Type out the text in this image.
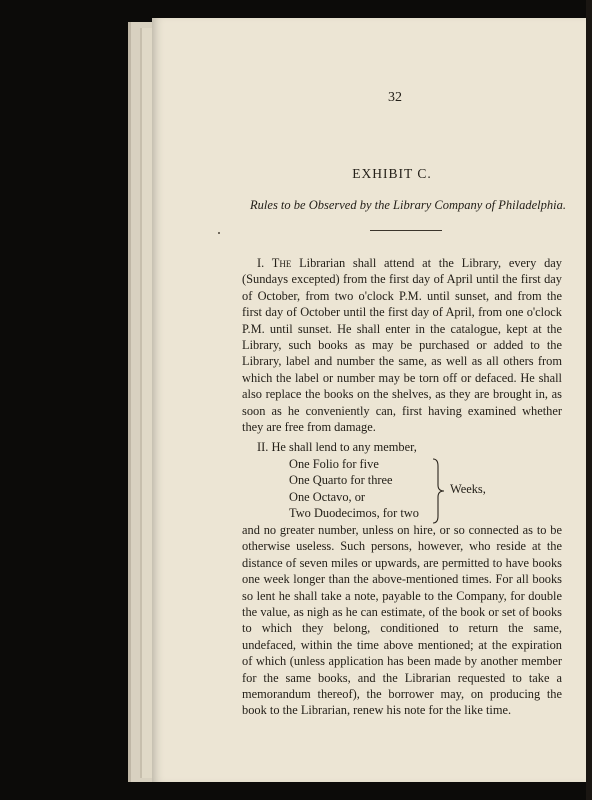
32
EXHIBIT C.
Rules to be Observed by the Library Company of Philadelphia.
I. The Librarian shall attend at the Library, every day (Sundays excepted) from the first day of April until the first day of October, from two o'clock P.M. until sunset, and from the first day of October until the first day of April, from one o'clock P.M. until sunset. He shall enter in the catalogue, kept at the Library, such books as may be purchased or added to the Library, label and number the same, as well as all others from which the label or number may be torn off or defaced. He shall also replace the books on the shelves, as they are brought in, as soon as he conveniently can, first having examined whether they are free from damage.
II. He shall lend to any member,
One Folio for five
One Quarto for three
One Octavo, or
Two Duodecimos, for two
Weeks,
and no greater number, unless on hire, or so connected as to be otherwise useless. Such persons, however, who reside at the distance of seven miles or upwards, are permitted to have books one week longer than the above-mentioned times. For all books so lent he shall take a note, payable to the Company, for double the value, as nigh as he can estimate, of the book or set of books to which they belong, conditioned to return the same, undefaced, within the time above mentioned; at the expiration of which (unless application has been made by another member for the same books, and the Librarian requested to take a memorandum thereof), the borrower may, on producing the book to the Librarian, renew his note for the like time.
